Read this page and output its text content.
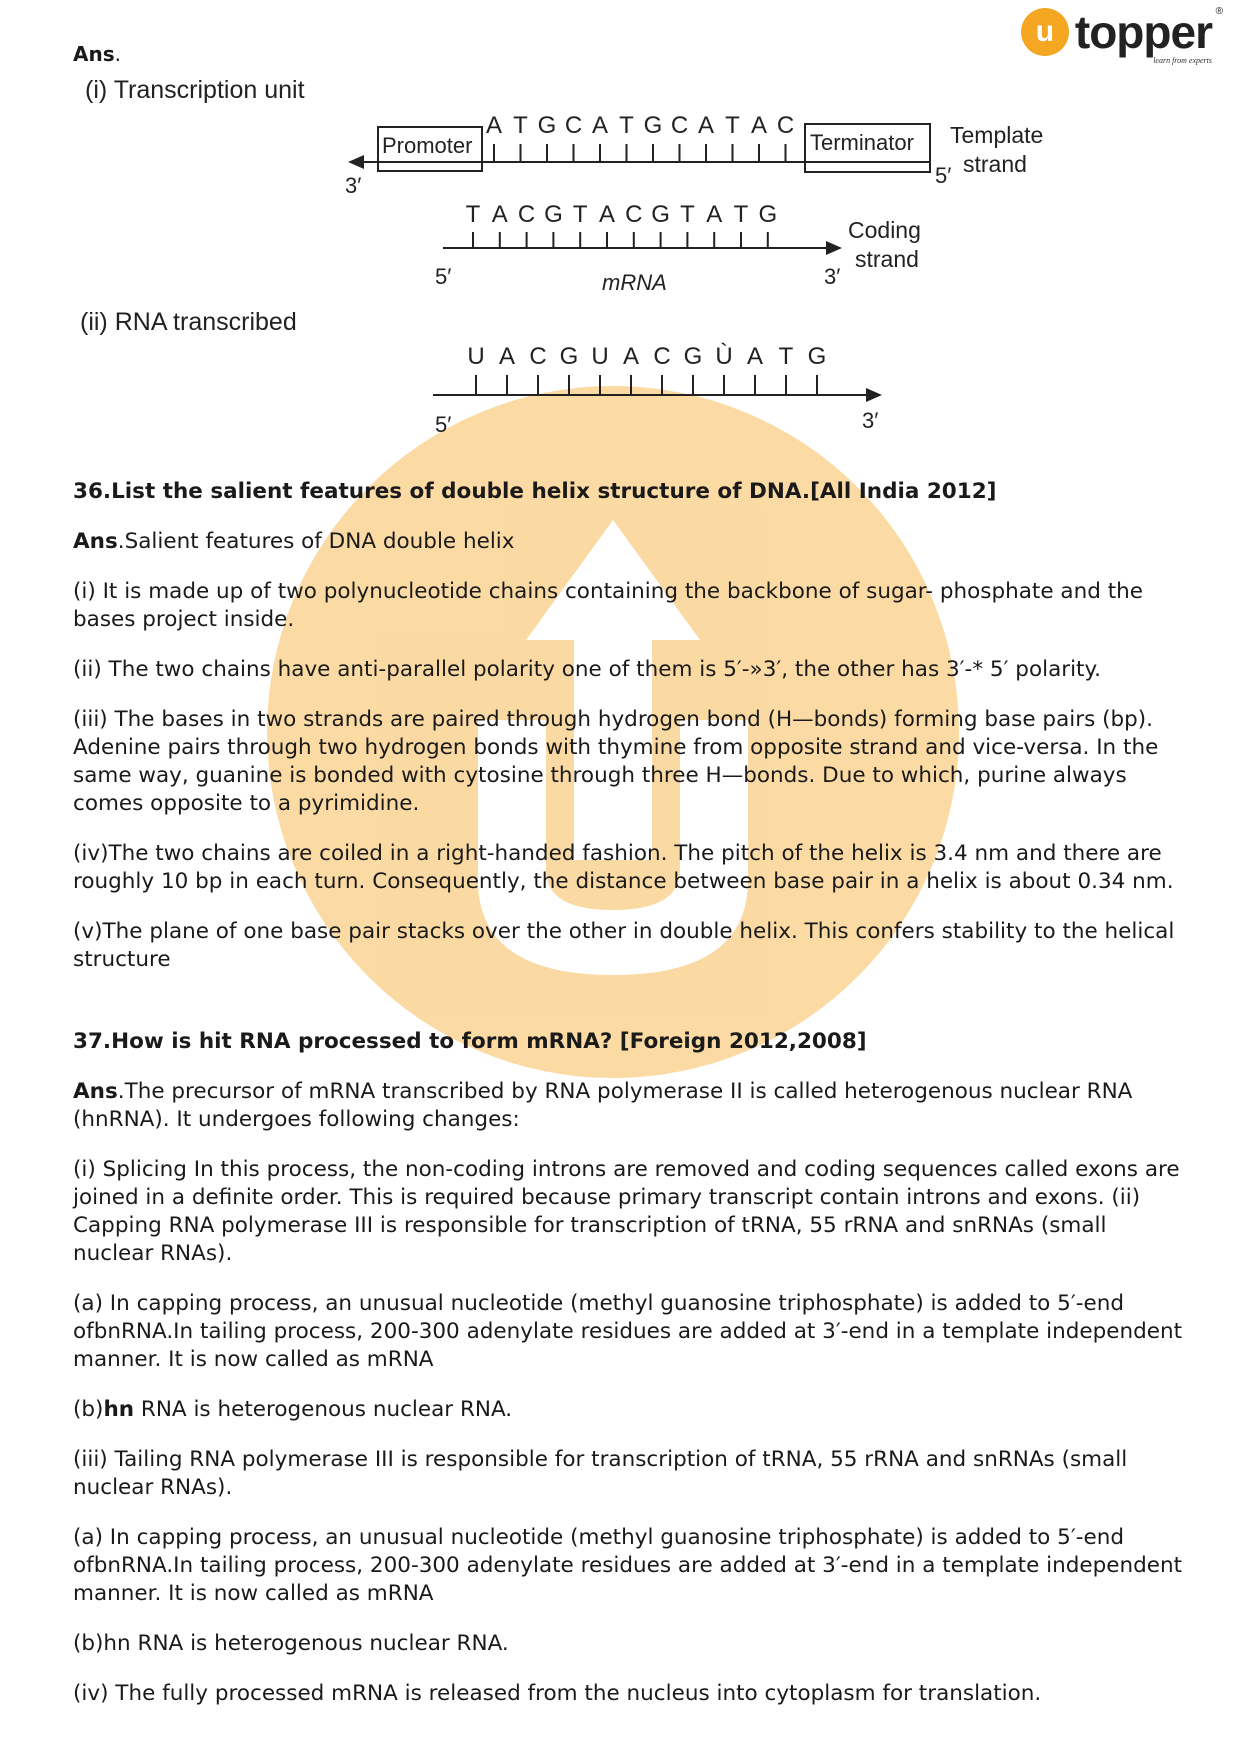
u topper ®
learn from experts
Ans.
(i) Transcription unit
Promoter	Terminator
A T G C A T G C A T A C
3′	5′
Template
strand
T A C G T A C G T A T G
5′	mRNA	3′
Coding
strand
(ii) RNA transcribed
U A C G U A C G Ù A T G
5′	3′

36.List the salient features of double helix structure of DNA.[All India 2012]

Ans.Salient features of DNA double helix

(i) It is made up of two polynucleotide chains containing the backbone of sugar- phosphate and the bases project inside.

(ii) The two chains have anti-parallel polarity one of them is 5′-»3′, the other has 3′-* 5′ polarity.

(iii) The bases in two strands are paired through hydrogen bond (H—bonds) forming base pairs (bp). Adenine pairs through two hydrogen bonds with thymine from opposite strand and vice-versa. In the same way, guanine is bonded with cytosine through three H—bonds. Due to which, purine always comes opposite to a pyrimidine.

(iv)The two chains are coiled in a right-handed fashion. The pitch of the helix is 3.4 nm and there are roughly 10 bp in each turn. Consequently, the distance between base pair in a helix is about 0.34 nm.

(v)The plane of one base pair stacks over the other in double helix. This confers stability to the helical structure

37.How is hit RNA processed to form mRNA? [Foreign 2012,2008]

Ans.The precursor of mRNA transcribed by RNA polymerase II is called heterogenous nuclear RNA (hnRNA). It undergoes following changes:

(i) Splicing In this process, the non-coding introns are removed and coding sequences called exons are joined in a definite order. This is required because primary transcript contain introns and exons. (ii) Capping RNA polymerase III is responsible for transcription of tRNA, 55 rRNA and snRNAs (small nuclear RNAs).

(a) In capping process, an unusual nucleotide (methyl guanosine triphosphate) is added to 5′-end ofbnRNA.In tailing process, 200-300 adenylate residues are added at 3′-end in a template independent manner. It is now called as mRNA

(b)hn RNA is heterogenous nuclear RNA.

(iii) Tailing RNA polymerase III is responsible for transcription of tRNA, 55 rRNA and snRNAs (small nuclear RNAs).

(a) In capping process, an unusual nucleotide (methyl guanosine triphosphate) is added to 5′-end ofbnRNA.In tailing process, 200-300 adenylate residues are added at 3′-end in a template independent manner. It is now called as mRNA

(b)hn RNA is heterogenous nuclear RNA.

(iv) The fully processed mRNA is released from the nucleus into cytoplasm for translation.
